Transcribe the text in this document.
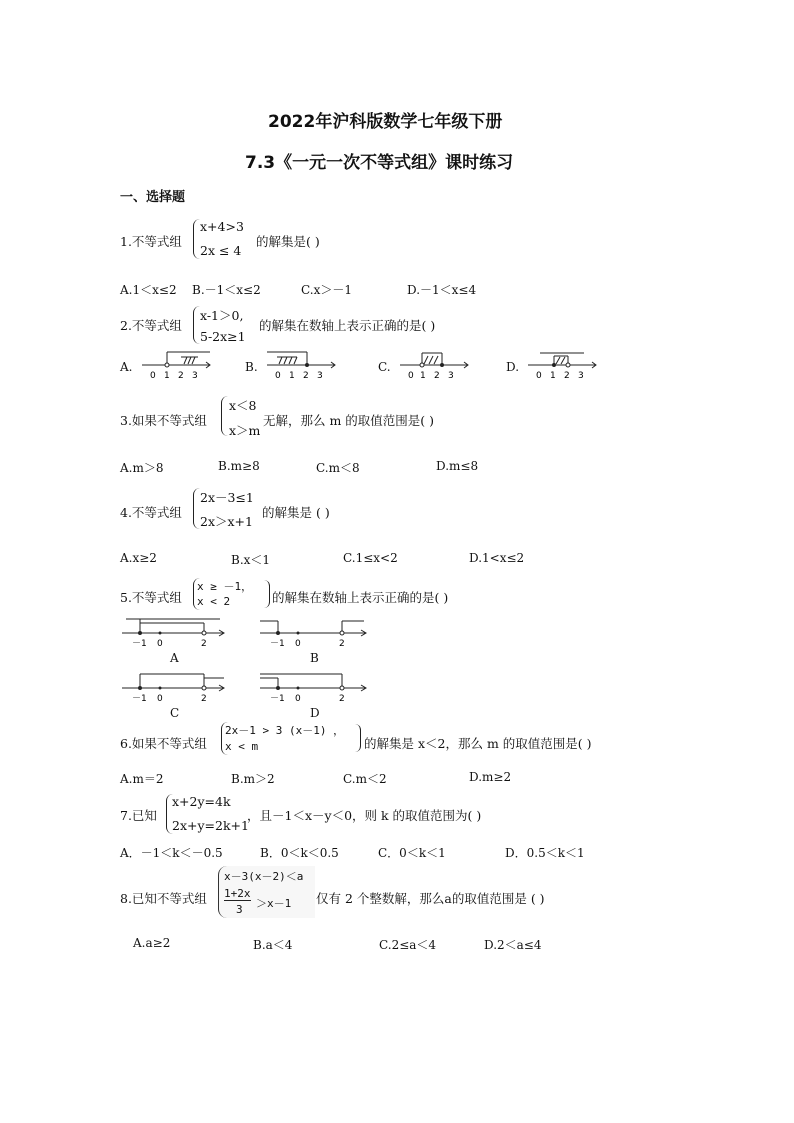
2022年沪科版数学七年级下册
7.3《一元一次不等式组》课时练习
一、选择题
1.不等式组
x+4>3
2x ≤ 4
的解集是( )
A.1＜x≤2 B.－1＜x≤2	C.x＞－1	D.－1＜x≤4
2.不等式组
x-1＞0,
5-2x≥1
的解集在数轴上表示正确的是( )
A.
0 1 2 3
B.
0 1 2 3
C.
0 1 2 3
D.
0 1 2 3
3.如果不等式组
x＜8
x＞m
无解，那么 m 的取值范围是( )
A.m＞8	B.m≥8	C.m＜8	D.m≤8
4.不等式组
2x－3≤1
2x＞x+1
的解集是 ( )
A.x≥2	B.x＜1	C.1≤x<2	D.1<x≤2
5.不等式组
x ≥ －1，
x < 2	的解集在数轴上表示正确的是( )
－1 0	2
A
－1 0	2
B
－1 0	2
C
－1 0	2
D
6.如果不等式组
2x－1 > 3 (x－1) ，
x < m	的解集是 x＜2，那么 m 的取值范围是( )
A.m＝2	B.m＞2	C.m＜2	D.m≥2
7.已知
x+2y=4k
2x+y=2k+1
，且－1＜x－y＜0，则 k 的取值范围为( )
A．－1＜k＜－0.5	B．0＜k＜0.5	C．0＜k＜1	D．0.5＜k＜1
8.已知不等式组
x－3(x－2)＜a
1+2x
3 ＞x－1 仅有 2 个整数解，那么a的取值范围是 ( )
A.a≥2	B.a＜4	C.2≤a＜4	D.2＜a≤4
